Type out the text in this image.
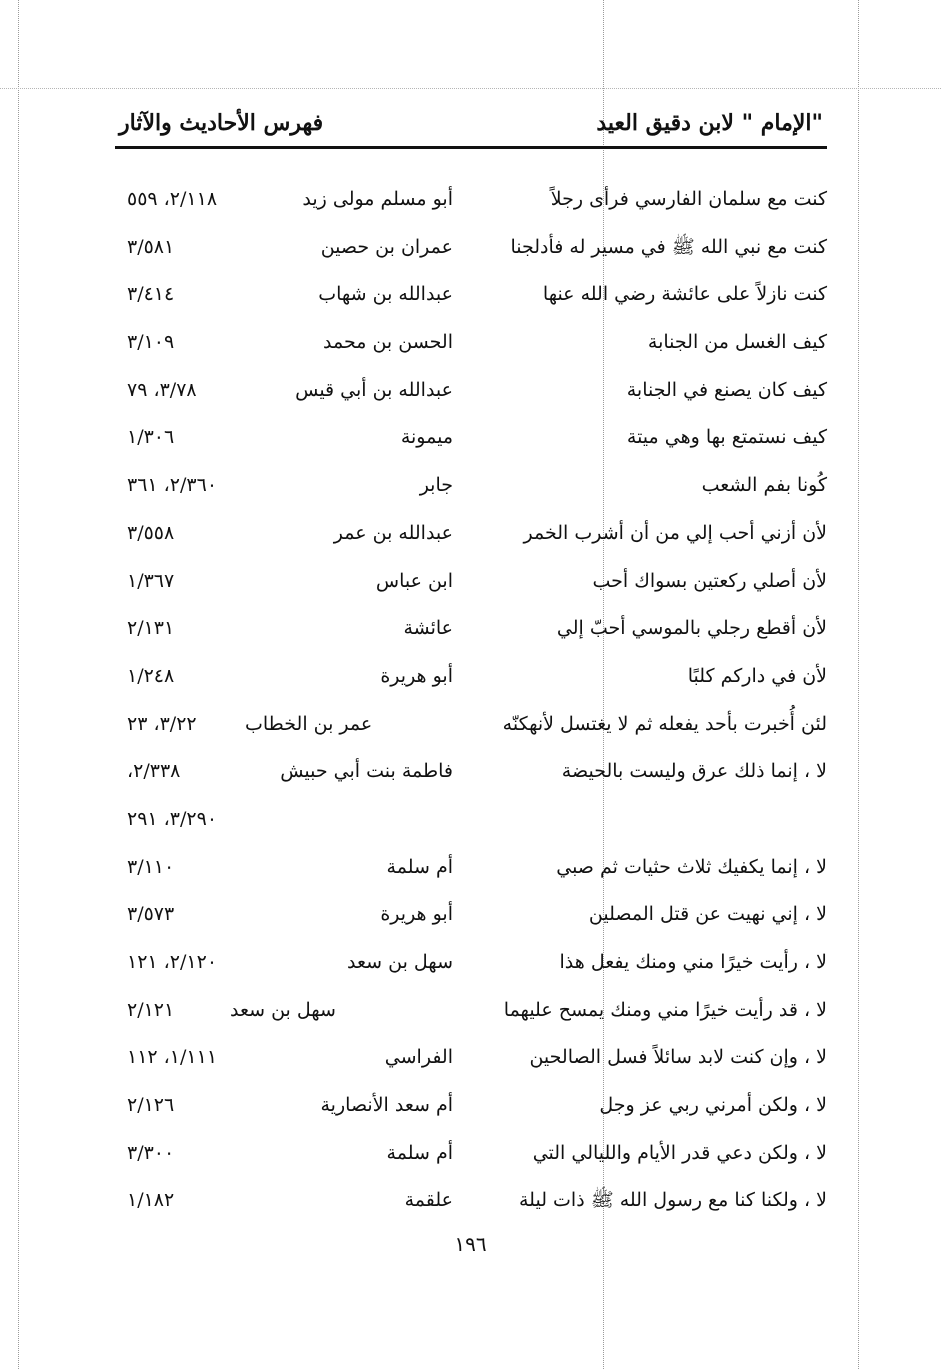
"الإمام " لابن دقيق العيد
فهرس الأحاديث والآثار
كنت مع سلمان الفارسي فرأى رجلاً
أبو مسلم مولى زيد
٢/١١٨، ٥٥٩
كنت مع نبي الله ﷺ في مسير له فأدلجنا
عمران بن حصين
٣/٥٨١
كنت نازلاً على عائشة رضي الله عنها
عبدالله بن شهاب
٣/٤١٤
كيف الغسل من الجنابة
الحسن بن محمد
٣/١٠٩
كيف كان يصنع في الجنابة
عبدالله بن أبي قيس
٣/٧٨، ٧٩
كيف نستمتع بها وهي ميتة
ميمونة
١/٣٠٦
كُونا بفم الشعب
جابر
٢/٣٦٠، ٣٦١
لأن أزني أحب إلي من أن أشرب الخمر
عبدالله بن عمر
٣/٥٥٨
لأن أصلي ركعتين بسواك أحب
ابن عباس
١/٣٦٧
لأن أقطع رجلي بالموسي أحبّ إلي
عائشة
٢/١٣١
لأن في داركم كلبًا
أبو هريرة
١/٢٤٨
لئن أُخبرت بأحد يفعله ثم لا يغتسل لأنهكنّه
عمر بن الخطاب
٣/٢٢، ٢٣
لا ، إنما ذلك عرق وليست بالحيضة
فاطمة بنت أبي حبيش
٢/٣٣٨،
٣/٢٩٠، ٢٩١
لا ، إنما يكفيك ثلاث حثيات ثم صبي
أم سلمة
٣/١١٠
لا ، إني نهيت عن قتل المصلين
أبو هريرة
٣/٥٧٣
لا ، رأيت خيرًا مني ومنك يفعل هذا
سهل بن سعد
٢/١٢٠، ١٢١
لا ، قد رأيت خيرًا مني ومنك يمسح عليهما
سهل بن سعد
٢/١٢١
لا ، وإن كنت لابد سائلاً فسل الصالحين
الفراسي
١/١١١، ١١٢
لا ، ولكن أمرني ربي عز وجل
أم سعد الأنصارية
٢/١٢٦
لا ، ولكن دعي قدر الأيام والليالي التي
أم سلمة
٣/٣٠٠
لا ، ولكنا كنا مع رسول الله ﷺ ذات ليلة
علقمة
١/١٨٢
١٩٦
